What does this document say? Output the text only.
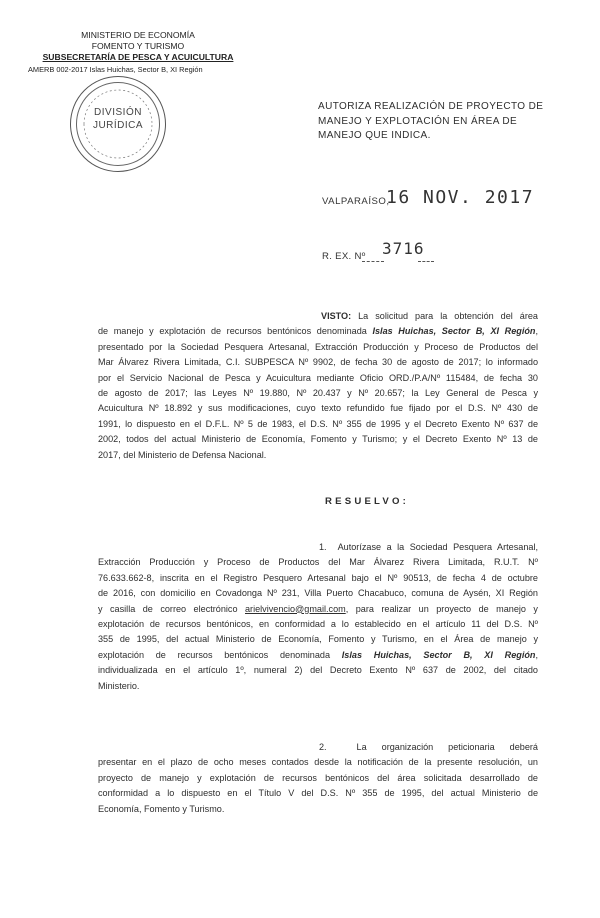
MINISTERIO DE ECONOMÍA
FOMENTO Y TURISMO
SUBSECRETARÍA DE PESCA Y ACUICULTURA
AMERB 002-2017 Islas Huichas, Sector B, XI Región
DIVISIÓN
JURÍDICA
AUTORIZA REALIZACIÓN DE PROYECTO DE MANEJO Y EXPLOTACIÓN EN ÁREA DE MANEJO QUE INDICA.
VALPARAÍSO,
16 NOV. 2017
R. EX. Nº 3716
VISTO: La solicitud para la obtención del área
de manejo y explotación de recursos bentónicos denominada Islas Huichas, Sector B, XI Región,
presentado por la Sociedad Pesquera Artesanal, Extracción Producción y Proceso de Productos del
Mar Álvarez Rivera Limitada, C.I. SUBPESCA Nº 9902, de fecha 30 de agosto de 2017; lo informado
por el Servicio Nacional de Pesca y Acuicultura mediante Oficio ORD./P.A/Nº 115484, de fecha 30
de agosto de 2017; las Leyes Nº 19.880, Nº 20.437 y Nº 20.657; la Ley General de Pesca y
Acuicultura Nº 18.892 y sus modificaciones, cuyo texto refundido fue fijado por el D.S. Nº 430 de
1991, lo dispuesto en el D.F.L. Nº 5 de 1983, el D.S. Nº 355 de 1995 y el Decreto Exento Nº 637 de
2002, todos del actual Ministerio de Economía, Fomento y Turismo; y el Decreto Exento Nº 13 de
2017, del Ministerio de Defensa Nacional.
RESUELVO:
1. Autorízase a la Sociedad Pesquera Artesanal,
Extracción Producción y Proceso de Productos del Mar Álvarez Rivera Limitada, R.U.T. Nº
76.633.662-8, inscrita en el Registro Pesquero Artesanal bajo el Nº 90513, de fecha 4 de octubre
de 2016, con domicilio en Covadonga Nº 231, Villa Puerto Chacabuco, comuna de Aysén, XI Región
y casilla de correo electrónico arielvivencio@gmail.com, para realizar un proyecto de manejo y
explotación de recursos bentónicos, en conformidad a lo establecido en el artículo 11 del D.S. Nº
355 de 1995, del actual Ministerio de Economía, Fomento y Turismo, en el Área de manejo y
explotación de recursos bentónicos denominada Islas Huichas, Sector B, XI Región,
individualizada en el artículo 1º, numeral 2) del Decreto Exento Nº 637 de 2002, del citado
Ministerio.
2.	La organización peticionaria deberá
presentar en el plazo de ocho meses contados desde la notificación de la presente resolución, un
proyecto de manejo y explotación de recursos bentónicos del área solicitada desarrollado de
conformidad a lo dispuesto en el Título V del D.S. Nº 355 de 1995, del actual Ministerio de
Economía, Fomento y Turismo.
